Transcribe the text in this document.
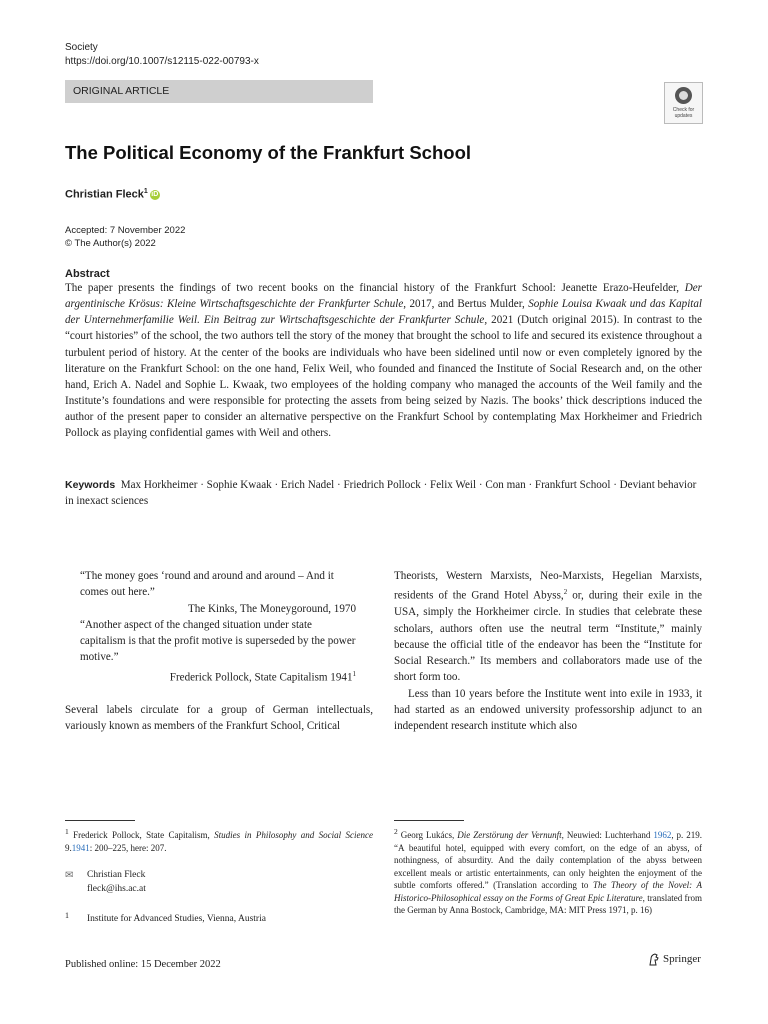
Society
https://doi.org/10.1007/s12115-022-00793-x
ORIGINAL ARTICLE
Check for updates
The Political Economy of the Frankfurt School
Christian Fleck$^1$ iD
Accepted: 7 November 2022
© The Author(s) 2022
Abstract

The paper presents the findings of two recent books on the financial history of the Frankfurt School: Jeanette Erazo-Heufelder, Der argentinische Krösus: Kleine Wirtschaftsgeschichte der Frankfurter Schule, 2017, and Bertus Mulder, Sophie Louisa Kwaak und das Kapital der Unternehmerfamilie Weil. Ein Beitrag zur Wirtschaftsgeschichte der Frankfurter Schule, 2021 (Dutch original 2015). In contrast to the “court histories” of the school, the two authors tell the story of the money that brought the school to life and secured its existence throughout a turbulent period of history. At the center of the books are individuals who have been sidelined until now or even completely ignored by the literature on the Frankfurt School: on the one hand, Felix Weil, who founded and financed the Institute of Social Research and, on the other hand, Erich A. Nadel and Sophie L. Kwaak, two employees of the holding company who managed the accounts of the Weil family and the Institute’s foundations and were responsible for protecting the assets from being seized by Nazis. The books’ thick descriptions induced the author of the present paper to consider an alternative perspective on the Frankfurt School by contemplating Max Horkheimer and Friedrich Pollock as playing confidential games with Weil and others.

Keywords Max Horkheimer · Sophie Kwaak · Erich Nadel · Friedrich Pollock · Felix Weil · Con man · Frankfurt School · Deviant behavior in inexact sciences

“The money goes ‘round and around and around – And it comes out here.”

The Kinks, The Moneygoround, 1970

“Another aspect of the changed situation under state capitalism is that the profit motive is superseded by the power motive.”

Frederick Pollock, State Capitalism 1941$^1$

Several labels circulate for a group of German intellectuals, variously known as members of the Frankfurt School, Critical

Theorists, Western Marxists, Neo-Marxists, Hegelian Marxists, residents of the Grand Hotel Abyss,$^2$ or, during their exile in the USA, simply the Horkheimer circle. In studies that celebrate these scholars, authors often use the neutral term “Institute,” mainly because the official title of the endeavor has been the “Institute for Social Research.” Its members and collaborators made use of the short form too.

Less than 10 years before the Institute went into exile in 1933, it had started as an endowed university professorship adjunct to an independent research institute which also

$^1$ Frederick Pollock, State Capitalism, Studies in Philosophy and Social Science 9.1941: 200–225, here: 207.

$^2$ Georg Lukács, Die Zerstörung der Vernunft, Neuwied: Luchterhand 1962, p. 219. “A beautiful hotel, equipped with every comfort, on the edge of an abyss, of nothingness, of absurdity. And the daily contemplation of the abyss between excellent meals or artistic entertainments, can only heighten the enjoyment of the subtle comforts offered.” (Translation according to The Theory of the Novel: A Historico-Philosophical essay on the Forms of Great Epic Literature, translated from the German by Anna Bostock, Cambridge, MA: MIT Press 1971, p. 16)

✉ Christian Fleck
fleck@ihs.ac.at
1 Institute for Advanced Studies, Vienna, Austria
Published online: 15 December 2022	Springer
